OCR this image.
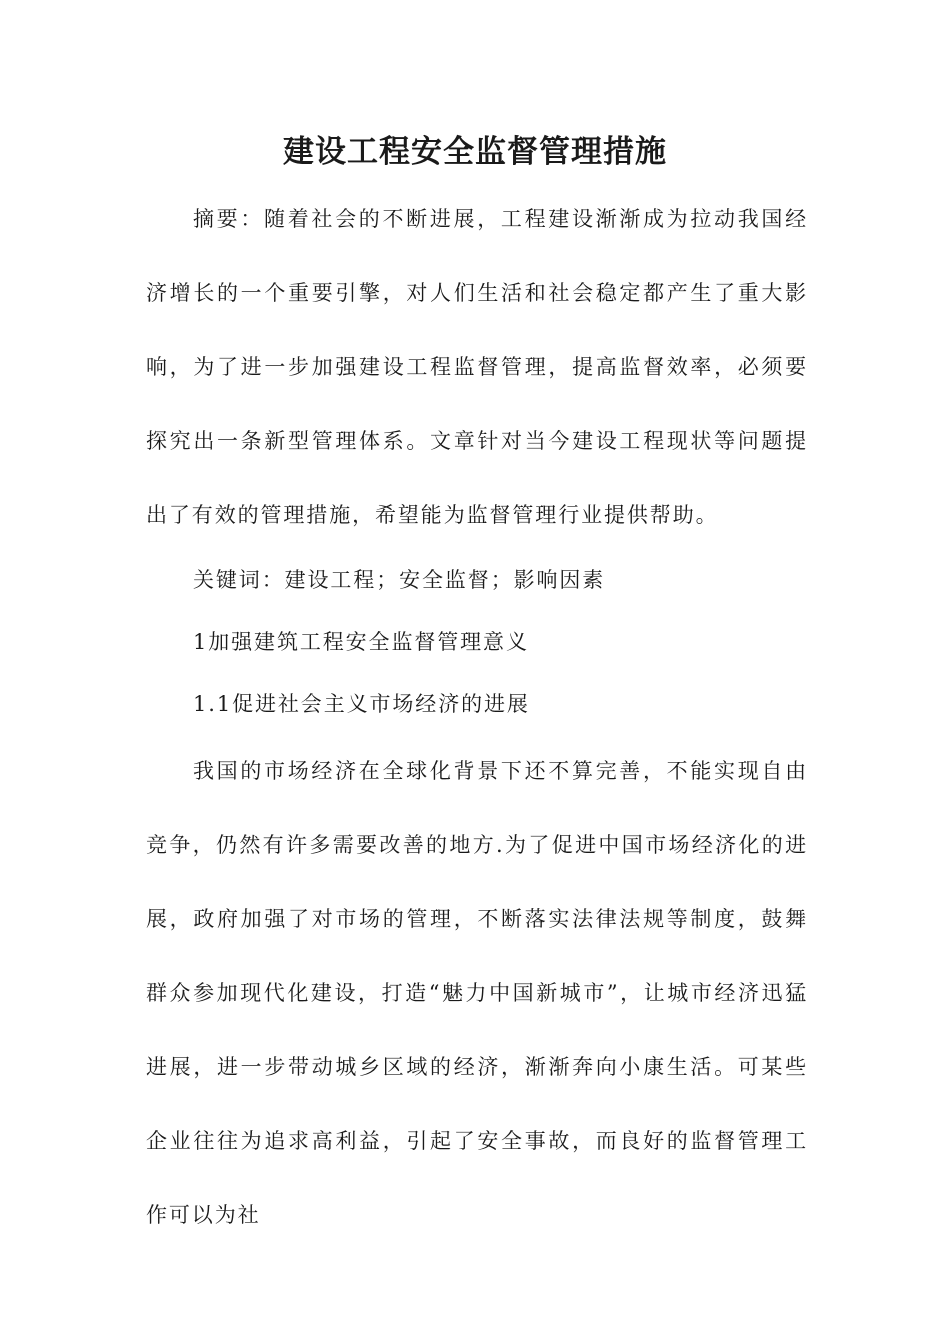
建设工程安全监督管理措施

摘要：随着社会的不断进展，工程建设渐渐成为拉动我国经济增长的一个重要引擎，对人们生活和社会稳定都产生了重大影响，为了进一步加强建设工程监督管理，提高监督效率，必须要探究出一条新型管理体系。文章针对当今建设工程现状等问题提出了有效的管理措施，希望能为监督管理行业提供帮助。

关键词：建设工程；安全监督；影响因素

1加强建筑工程安全监督管理意义

1.1促进社会主义市场经济的进展

我国的市场经济在全球化背景下还不算完善，不能实现自由竞争，仍然有许多需要改善的地方.为了促进中国市场经济化的进展，政府加强了对市场的管理，不断落实法律法规等制度，鼓舞群众参加现代化建设，打造“魅力中国新城市”，让城市经济迅猛进展，进一步带动城乡区域的经济，渐渐奔向小康生活。可某些企业往往为追求高利益，引起了安全事故，而良好的监督管理工作可以为社
